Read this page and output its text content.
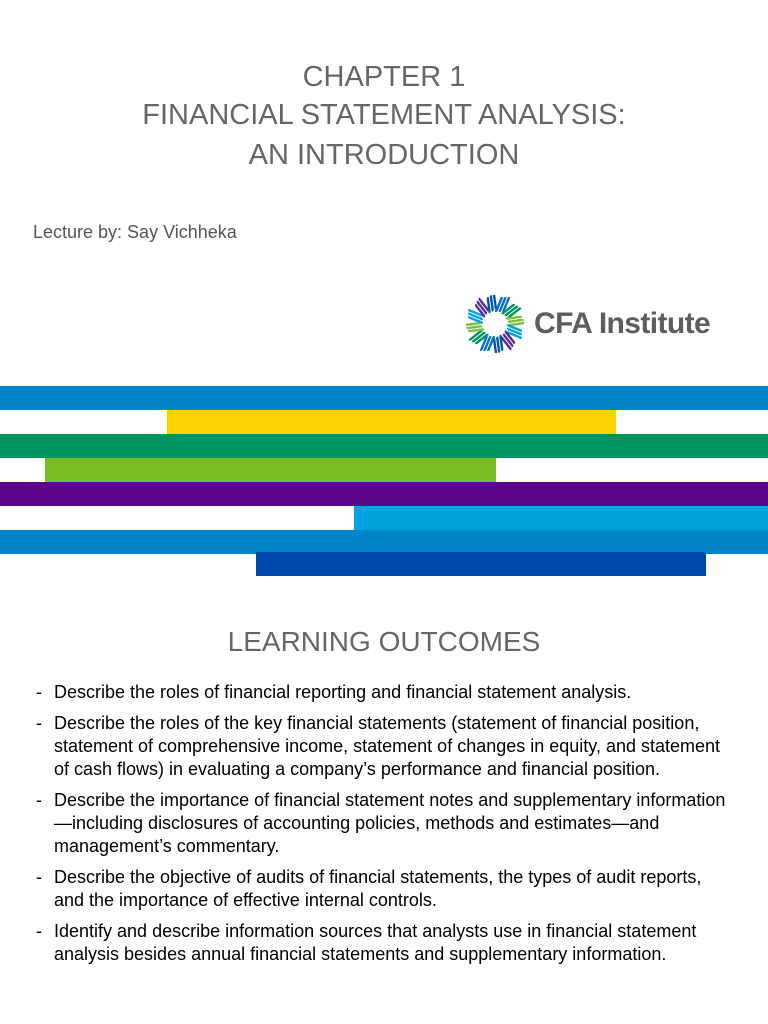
CHAPTER 1
FINANCIAL STATEMENT ANALYSIS:
AN INTRODUCTION
Lecture by: Say Vichheka
CFA Institute
LEARNING OUTCOMES
- Describe the roles of financial reporting and financial statement analysis.
- Describe the roles of the key financial statements (statement of financial position, statement of comprehensive income, statement of changes in equity, and statement of cash flows) in evaluating a company’s performance and financial position.
- Describe the importance of financial statement notes and supplementary information—including disclosures of accounting policies, methods and estimates—and management’s commentary.
- Describe the objective of audits of financial statements, the types of audit reports, and the importance of effective internal controls.
- Identify and describe information sources that analysts use in financial statement analysis besides annual financial statements and supplementary information.
